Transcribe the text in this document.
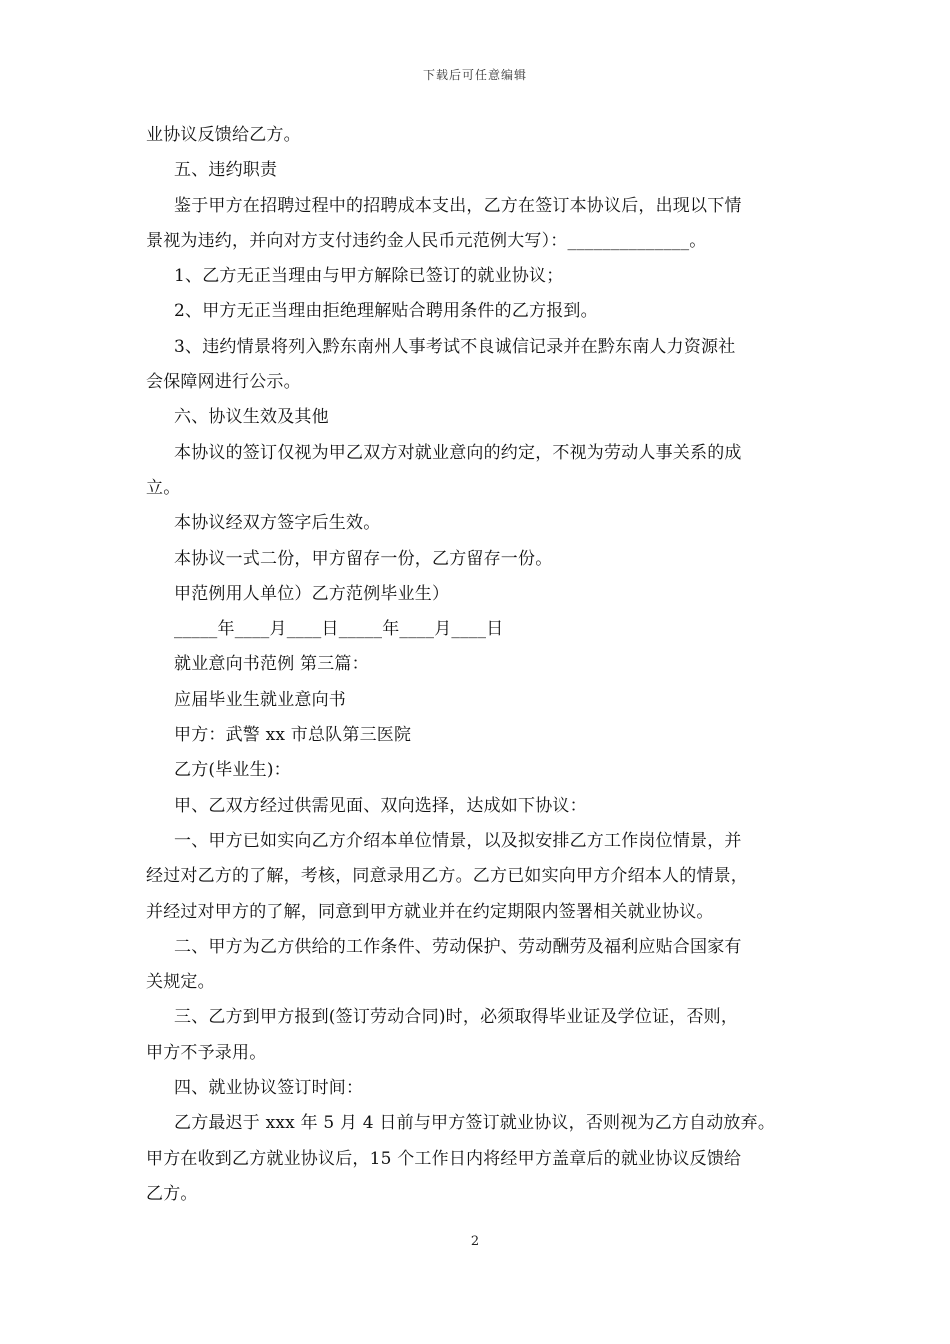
下载后可任意编辑

业协议反馈给乙方。

五、违约职责

鉴于甲方在招聘过程中的招聘成本支出，乙方在签订本协议后，出现以下情

景视为违约，并向对方支付违约金人民币元范例大写）：______________。

1、乙方无正当理由与甲方解除已签订的就业协议；

2、甲方无正当理由拒绝理解贴合聘用条件的乙方报到。

3、违约情景将列入黔东南州人事考试不良诚信记录并在黔东南人力资源社

会保障网进行公示。

六、协议生效及其他

本协议的签订仅视为甲乙双方对就业意向的约定，不视为劳动人事关系的成

立。

本协议经双方签字后生效。

本协议一式二份，甲方留存一份，乙方留存一份。

甲范例用人单位）乙方范例毕业生）

_____年____月____日_____年____月____日

就业意向书范例 第三篇：

应届毕业生就业意向书

甲方：武警 xx 市总队第三医院

乙方(毕业生)：

甲、乙双方经过供需见面、双向选择，达成如下协议：

一、甲方已如实向乙方介绍本单位情景，以及拟安排乙方工作岗位情景，并

经过对乙方的了解，考核，同意录用乙方。乙方已如实向甲方介绍本人的情景，

并经过对甲方的了解，同意到甲方就业并在约定期限内签署相关就业协议。

二、甲方为乙方供给的工作条件、劳动保护、劳动酬劳及福利应贴合国家有

关规定。

三、乙方到甲方报到(签订劳动合同)时，必须取得毕业证及学位证，否则，

甲方不予录用。

四、就业协议签订时间：

乙方最迟于 xxx 年 5 月 4 日前与甲方签订就业协议，否则视为乙方自动放弃。

甲方在收到乙方就业协议后，15 个工作日内将经甲方盖章后的就业协议反馈给

乙方。

2
